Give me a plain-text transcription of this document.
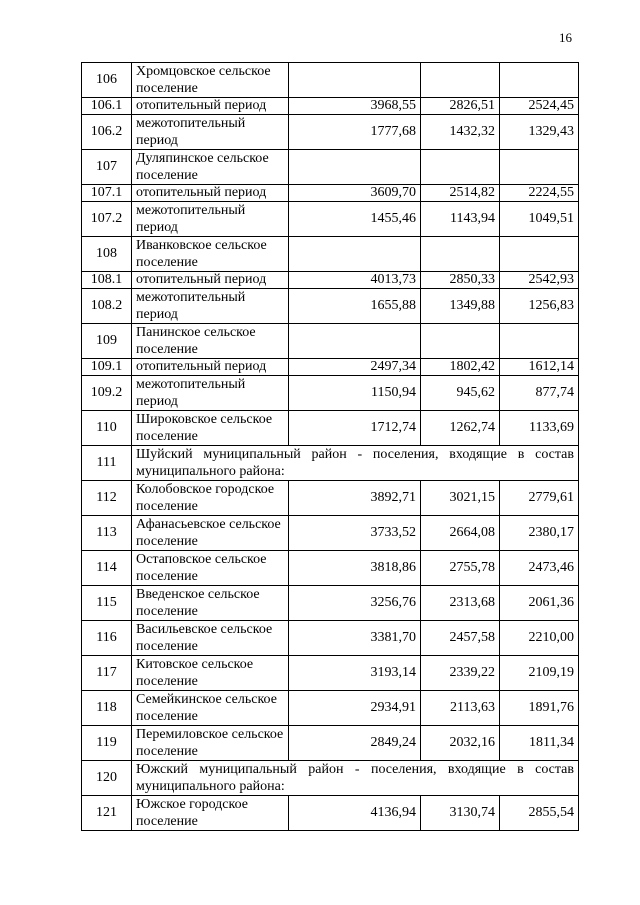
16
106	Хромцовское сельское поселение			
106.1	отопительный период	3968,55	2826,51	2524,45
106.2	межотопительный период	1777,68	1432,32	1329,43
107	Дуляпинское сельское поселение			
107.1	отопительный период	3609,70	2514,82	2224,55
107.2	межотопительный период	1455,46	1143,94	1049,51
108	Иванковское сельское поселение			
108.1	отопительный период	4013,73	2850,33	2542,93
108.2	межотопительный период	1655,88	1349,88	1256,83
109	Панинское сельское поселение			
109.1	отопительный период	2497,34	1802,42	1612,14
109.2	межотопительный период	1150,94	945,62	877,74
110	Широковское сельское поселение	1712,74	1262,74	1133,69
111	Шуйский муниципальный район - поселения, входящие в состав муниципального района:			
112	Колобовское городское поселение	3892,71	3021,15	2779,61
113	Афанасьевское сельское поселение	3733,52	2664,08	2380,17
114	Остаповское сельское поселение	3818,86	2755,78	2473,46
115	Введенское сельское поселение	3256,76	2313,68	2061,36
116	Васильевское сельское поселение	3381,70	2457,58	2210,00
117	Китовское сельское поселение	3193,14	2339,22	2109,19
118	Семейкинское сельское поселение	2934,91	2113,63	1891,76
119	Перемиловское сельское поселение	2849,24	2032,16	1811,34
120	Южский муниципальный район - поселения, входящие в состав муниципального района:			
121	Южское городское поселение	4136,94	3130,74	2855,54
